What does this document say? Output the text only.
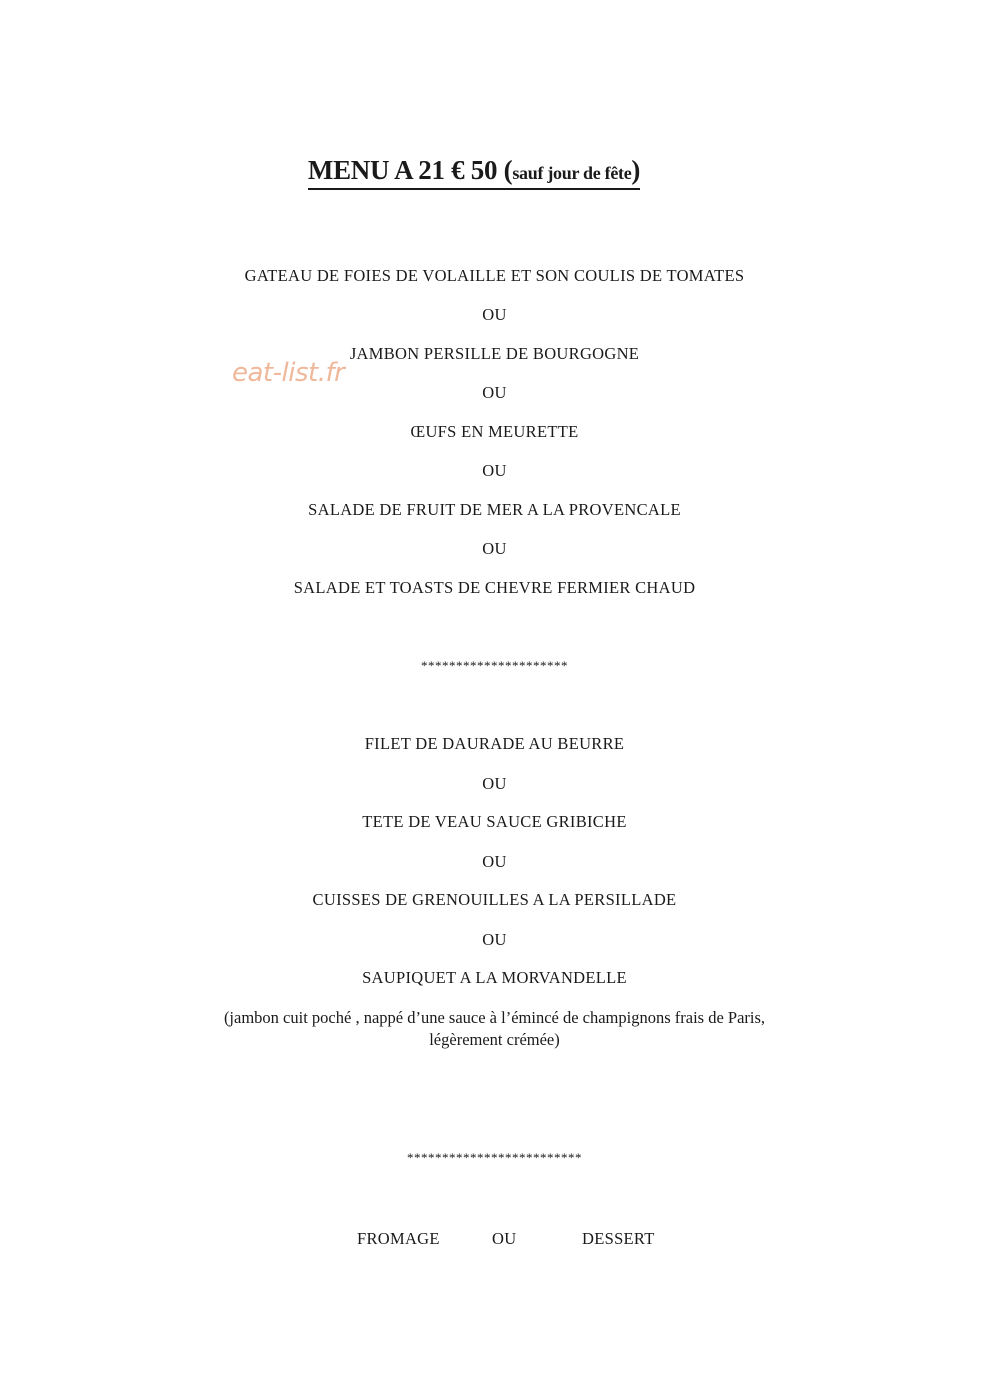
MENU A 21 € 50 (sauf jour de fête)
eat-list.fr
GATEAU DE FOIES DE VOLAILLE ET SON COULIS DE TOMATES
OU
JAMBON PERSILLE DE BOURGOGNE
OU
ŒUFS EN MEURETTE
OU
SALADE DE FRUIT DE MER A LA PROVENCALE
OU
SALADE ET TOASTS DE CHEVRE FERMIER CHAUD
*********************
FILET DE DAURADE AU BEURRE
OU
TETE DE VEAU SAUCE GRIBICHE
OU
CUISSES DE GRENOUILLES A LA PERSILLADE
OU
SAUPIQUET A LA MORVANDELLE
(jambon cuit poché , nappé d’une sauce à l’émincé de champignons frais de Paris,
légèrement crémée)
*************************
FROMAGE	OU	DESSERT
